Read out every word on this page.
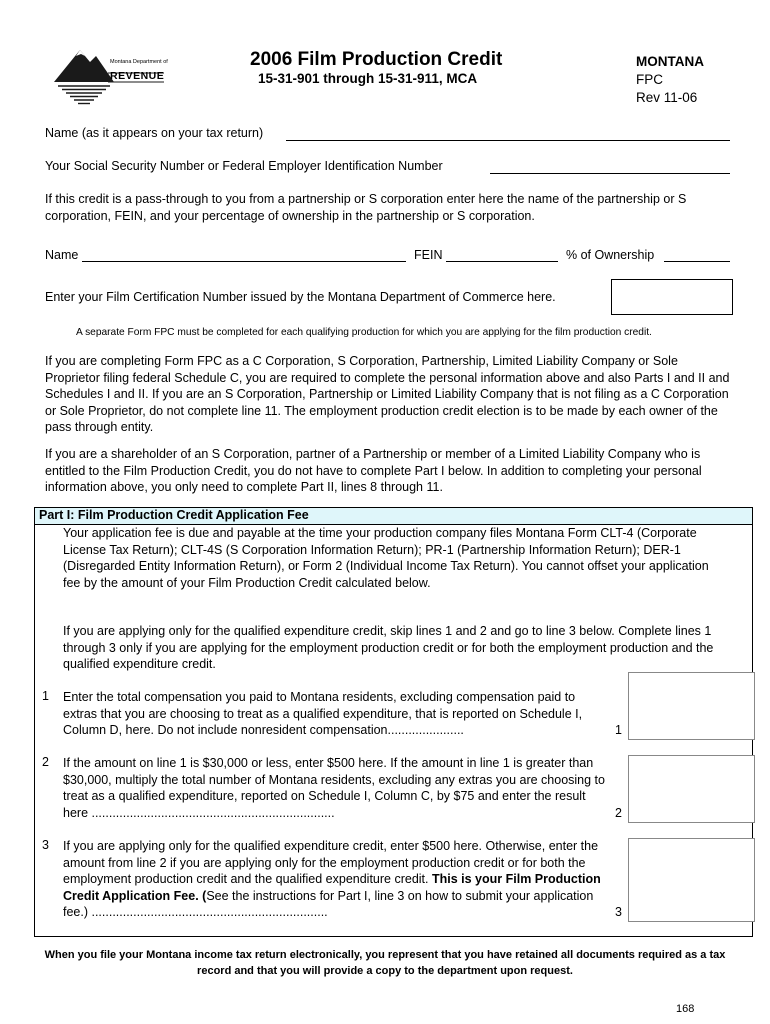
Montana Department of
REVENUE
2006 Film Production Credit
15-31-901 through 15-31-911, MCA
MONTANA
FPC
Rev 11-06
Name (as it appears on your tax return)
Your Social Security Number or Federal Employer Identification Number
If this credit is a pass-through to you from a partnership or S corporation enter here the name of the partnership or S corporation, FEIN, and your percentage of ownership in the partnership or S corporation.
Name	FEIN	% of Ownership
Enter your Film Certification Number issued by the Montana Department of Commerce here.
A separate Form FPC must be completed for each qualifying production for which you are applying for the film production credit.
If you are completing Form FPC as a C Corporation, S Corporation, Partnership, Limited Liability Company or Sole Proprietor filing federal Schedule C, you are required to complete the personal information above and also Parts I and II and Schedules I and II. If you are an S Corporation, Partnership or Limited Liability Company that is not filing as a C Corporation or Sole Proprietor, do not complete line 11. The employment production credit election is to be made by each owner of the pass through entity.
If you are a shareholder of an S Corporation, partner of a Partnership or member of a Limited Liability Company who is entitled to the Film Production Credit, you do not have to complete Part I below. In addition to completing your personal information above, you only need to complete Part II, lines 8 through 11.
Part I: Film Production Credit Application Fee
Your application fee is due and payable at the time your production company files Montana Form CLT-4 (Corporate License Tax Return); CLT-4S (S Corporation Information Return); PR-1 (Partnership Information Return); DER-1 (Disregarded Entity Information Return), or Form 2 (Individual Income Tax Return). You cannot offset your application fee by the amount of your Film Production Credit calculated below.
If you are applying only for the qualified expenditure credit, skip lines 1 and 2 and go to line 3 below. Complete lines 1 through 3 only if you are applying for the employment production credit or for both the employment production and the qualified expenditure credit.
1 Enter the total compensation you paid to Montana residents, excluding compensation paid to extras that you are choosing to treat as a qualified expenditure, that is reported on Schedule I, Column D, here. Do not include nonresident compensation......................	1
2 If the amount on line 1 is $30,000 or less, enter $500 here. If the amount in line 1 is greater than $30,000, multiply the total number of Montana residents, excluding any extras you are choosing to treat as a qualified expenditure, reported on Schedule I, Column C, by $75 and enter the result here ......................................................................	2
3 If you are applying only for the qualified expenditure credit, enter $500 here. Otherwise, enter the amount from line 2 if you are applying only for the employment production credit or for both the employment production credit and the qualified expenditure credit. This is your Film Production Credit Application Fee. (See the instructions for Part I, line 3 on how to submit your application fee.) ....................................................................	3
When you file your Montana income tax return electronically, you represent that you have retained all documents required as a tax record and that you will provide a copy to the department upon request.
168
